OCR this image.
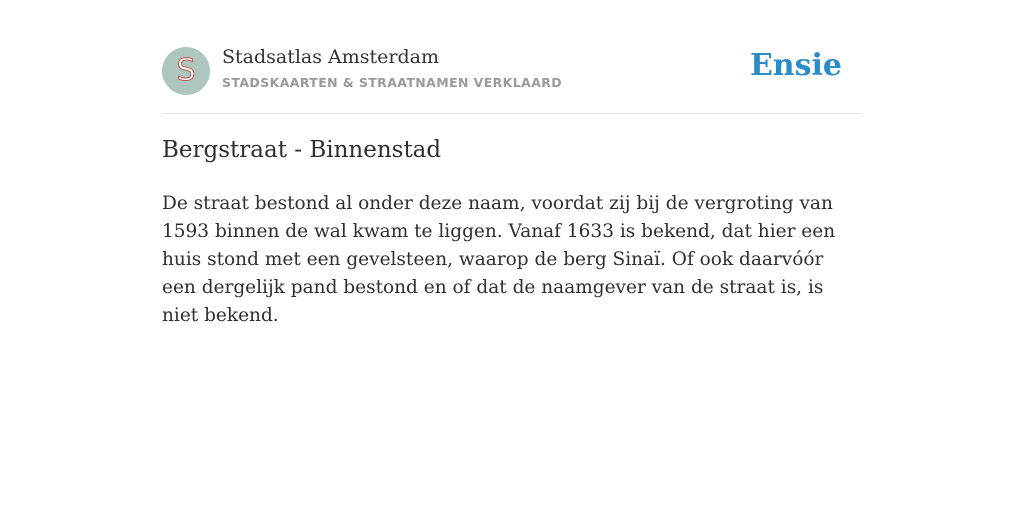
S	Stadsatlas Amsterdam
STADSKAARTEN & STRAATNAMEN VERKLAARD	Ensie
Bergstraat - Binnenstad

De straat bestond al onder deze naam, voordat zij bij de vergroting van 1593 binnen de wal kwam te liggen. Vanaf 1633 is bekend, dat hier een huis stond met een gevelsteen, waarop de berg Sinaï. Of ook daarvóór een dergelijk pand bestond en of dat de naamgever van de straat is, is niet bekend.
